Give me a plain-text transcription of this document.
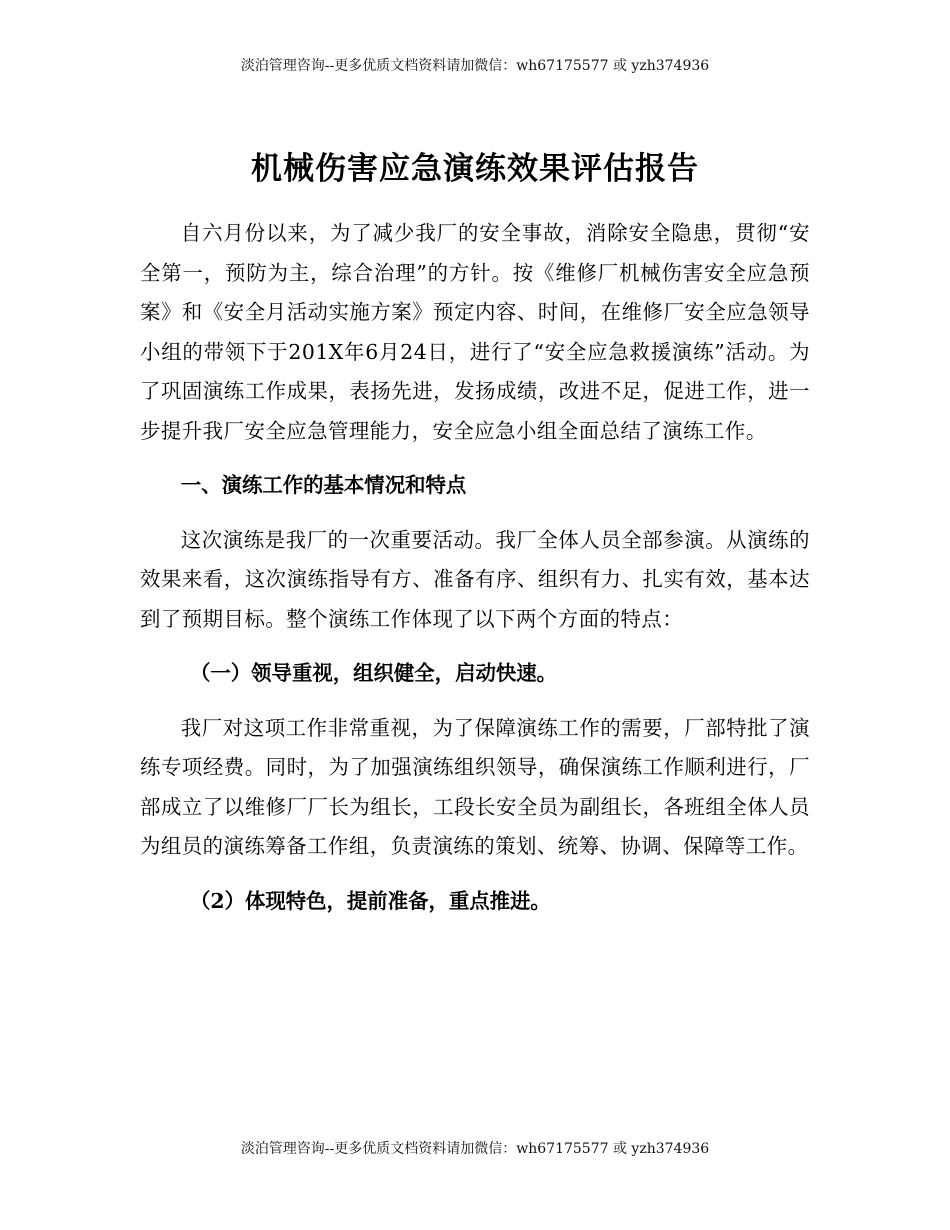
淡泊管理咨询--更多优质文档资料请加微信：wh67175577 或 yzh374936
机械伤害应急演练效果评估报告

自六月份以来，为了减少我厂的安全事故，消除安全隐患，贯彻“安全第一，预防为主，综合治理”的方针。按《维修厂机械伤害安全应急预案》和《安全月活动实施方案》预定内容、时间，在维修厂安全应急领导小组的带领下于201X年6月24日，进行了“安全应急救援演练”活动。为了巩固演练工作成果，表扬先进，发扬成绩，改进不足，促进工作，进一步提升我厂安全应急管理能力，安全应急小组全面总结了演练工作。

一、演练工作的基本情况和特点

这次演练是我厂的一次重要活动。我厂全体人员全部参演。从演练的效果来看，这次演练指导有方、准备有序、组织有力、扎实有效，基本达到了预期目标。整个演练工作体现了以下两个方面的特点：

（一）领导重视，组织健全，启动快速。

我厂对这项工作非常重视，为了保障演练工作的需要，厂部特批了演练专项经费。同时，为了加强演练组织领导，确保演练工作顺利进行，厂部成立了以维修厂厂长为组长，工段长安全员为副组长，各班组全体人员为组员的演练筹备工作组，负责演练的策划、统筹、协调、保障等工作。

（2）体现特色，提前准备，重点推进。
淡泊管理咨询--更多优质文档资料请加微信：wh67175577 或 yzh374936
